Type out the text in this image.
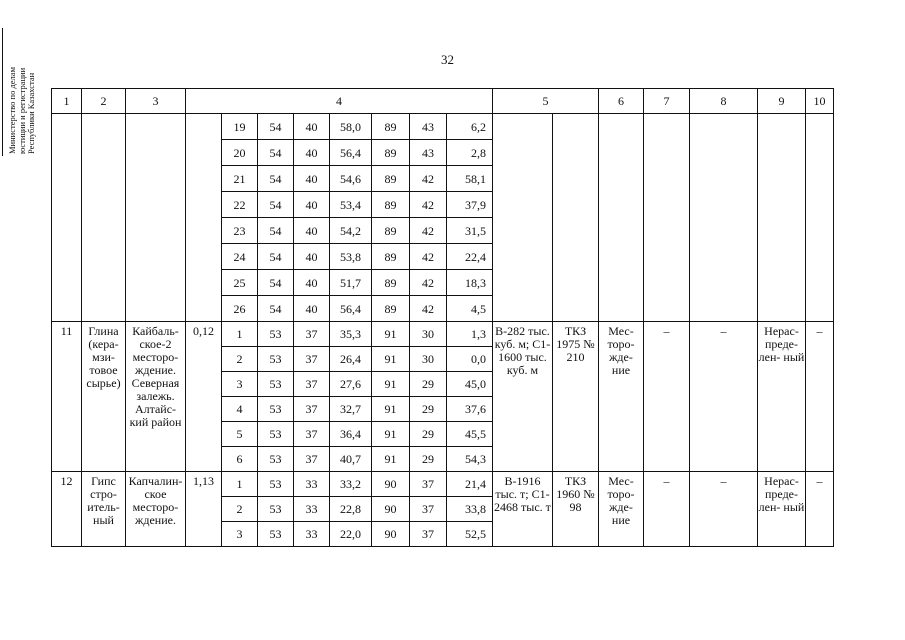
Министерство по делам юстиции и регистрации Республики Казахстан
32
1	2	3	4								5		6	7	8	9	10
				19	54	40	58,0	89	43	6,2							
				20	54	40	56,4	89	43	2,8							
				21	54	40	54,6	89	42	58,1							
				22	54	40	53,4	89	42	37,9							
				23	54	40	54,2	89	42	31,5							
				24	54	40	53,8	89	42	22,4							
				25	54	40	51,7	89	42	18,3							
				26	54	40	56,4	89	42	4,5							
11	Глина (кера- мзи- товое сырье)	Кайбаль- ское-2 месторо- ждение. Северная залежь. Алтайс- кий район	0,12	1	53	37	35,3	91	30	1,3	В-282 тыс. куб. м; С1-1600 тыс. куб. м	ТКЗ 1975 № 210	Мес- торо- жде- ние	–	–	Нерас- преде- лен- ный	–
				2	53	37	26,4	91	30	0,0							
				3	53	37	27,6	91	29	45,0							
				4	53	37	32,7	91	29	37,6							
				5	53	37	36,4	91	29	45,5							
				6	53	37	40,7	91	29	54,3							
12	Гипс стро- итель- ный	Капчалин- ское месторо- ждение.	1,13	1	53	33	33,2	90	37	21,4	В-1916 тыс. т; С1-2468 тыс. т	ТКЗ 1960 № 98	Мес- торо- жде- ние	–	–	Нерас- преде- лен- ный	–
				2	53	33	22,8	90	37	33,8							
				3	53	33	22,0	90	37	52,5							
